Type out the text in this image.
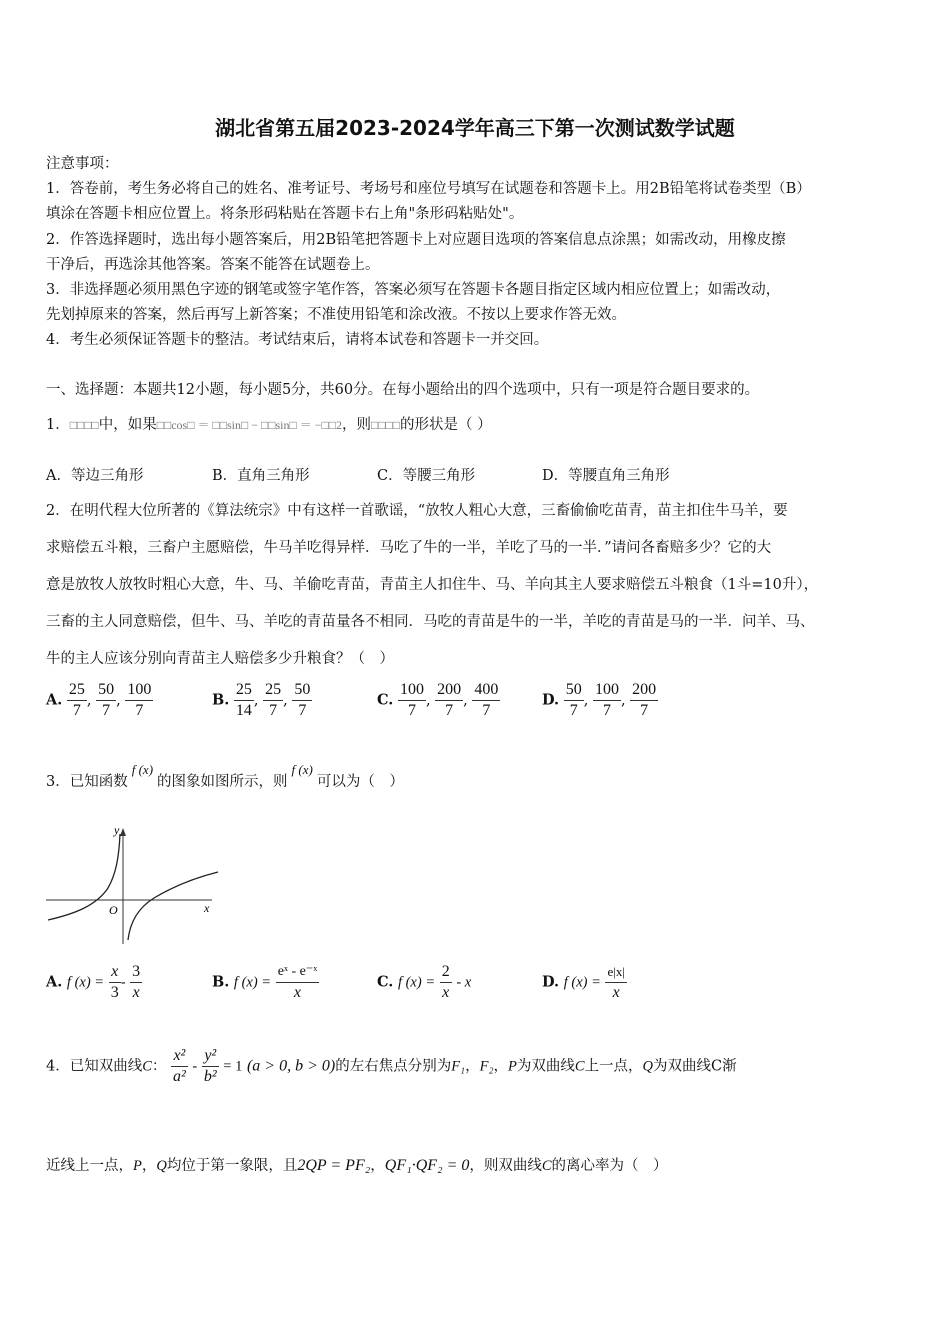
湖北省第五届2023-2024学年高三下第一次测试数学试题
注意事项：
1．答卷前，考生务必将自己的姓名、准考证号、考场号和座位号填写在试题卷和答题卡上。用2B铅笔将试卷类型（B）
填涂在答题卡相应位置上。将条形码粘贴在答题卡右上角"条形码粘贴处"。
2．作答选择题时，选出每小题答案后，用2B铅笔把答题卡上对应题目选项的答案信息点涂黑；如需改动，用橡皮擦
干净后，再选涂其他答案。答案不能答在试题卷上。
3．非选择题必须用黑色字迹的钢笔或签字笔作答，答案必须写在答题卡各题目指定区域内相应位置上；如需改动，
先划掉原来的答案，然后再写上新答案；不准使用铅笔和涂改液。不按以上要求作答无效。
4．考生必须保证答题卡的整洁。考试结束后，请将本试卷和答题卡一并交回。
一、选择题：本题共12小题，每小题5分，共60分。在每小题给出的四个选项中，只有一项是符合题目要求的。
1．□□□□中，如果□□cos□ ＝ □□sin□ − □□sin□ ＝ −□□2，则□□□□的形状是（ ）
A．等边三角形	B．直角三角形	C．等腰三角形	D．等腰直角三角形
2．在明代程大位所著的《算法统宗》中有这样一首歌谣，“放牧人粗心大意，三畜偷偷吃苗青，苗主扣住牛马羊，要
求赔偿五斗粮，三畜户主愿赔偿，牛马羊吃得异样．马吃了牛的一半，羊吃了马的一半．”请问各畜赔多少？它的大
意是放牧人放牧时粗心大意，牛、马、羊偷吃青苗，青苗主人扣住牛、马、羊向其主人要求赔偿五斗粮食（1斗=10升），
三畜的主人同意赔偿，但牛、马、羊吃的青苗量各不相同．马吃的青苗是牛的一半，羊吃的青苗是马的一半．问羊、马、
牛的主人应该分别向青苗主人赔偿多少升粮食？（　）
A. $\frac{25}{7}$ , $\frac{50}{7}$ , $\frac{100}{7}$	B. $\frac{25}{14}$ , $\frac{25}{7}$ , $\frac{50}{7}$	C. $\frac{100}{7}$ , $\frac{200}{7}$ , $\frac{400}{7}$	D. $\frac{50}{7}$ , $\frac{100}{7}$ , $\frac{200}{7}$
3．已知函数f (x)的图象如图所示，则f (x)可以为（　）
y
x
O
A. f $(x) = \frac{x}{3} - \frac{3}{x}$	B. f $(x) = \frac{\text{eˣ - e⁻ˣ}}{x}$	C. f $(x) = \frac{2}{x} - x$	D. f $(x) = \frac{e|x|}{x}$
4．已知双曲线C： $\frac{\text{x²}}{\text{a²}} - \frac{\text{y²}}{\text{b²}} = 1$ (a > 0, b > 0)的左右焦点分别为F₁，F₂，P为双曲线C上一点，Q为双曲线C渐
近线上一点，P，Q均位于第一象限，且2QP = PF₂，QF₁·QF₂ = 0，则双曲线C的离心率为（　）
